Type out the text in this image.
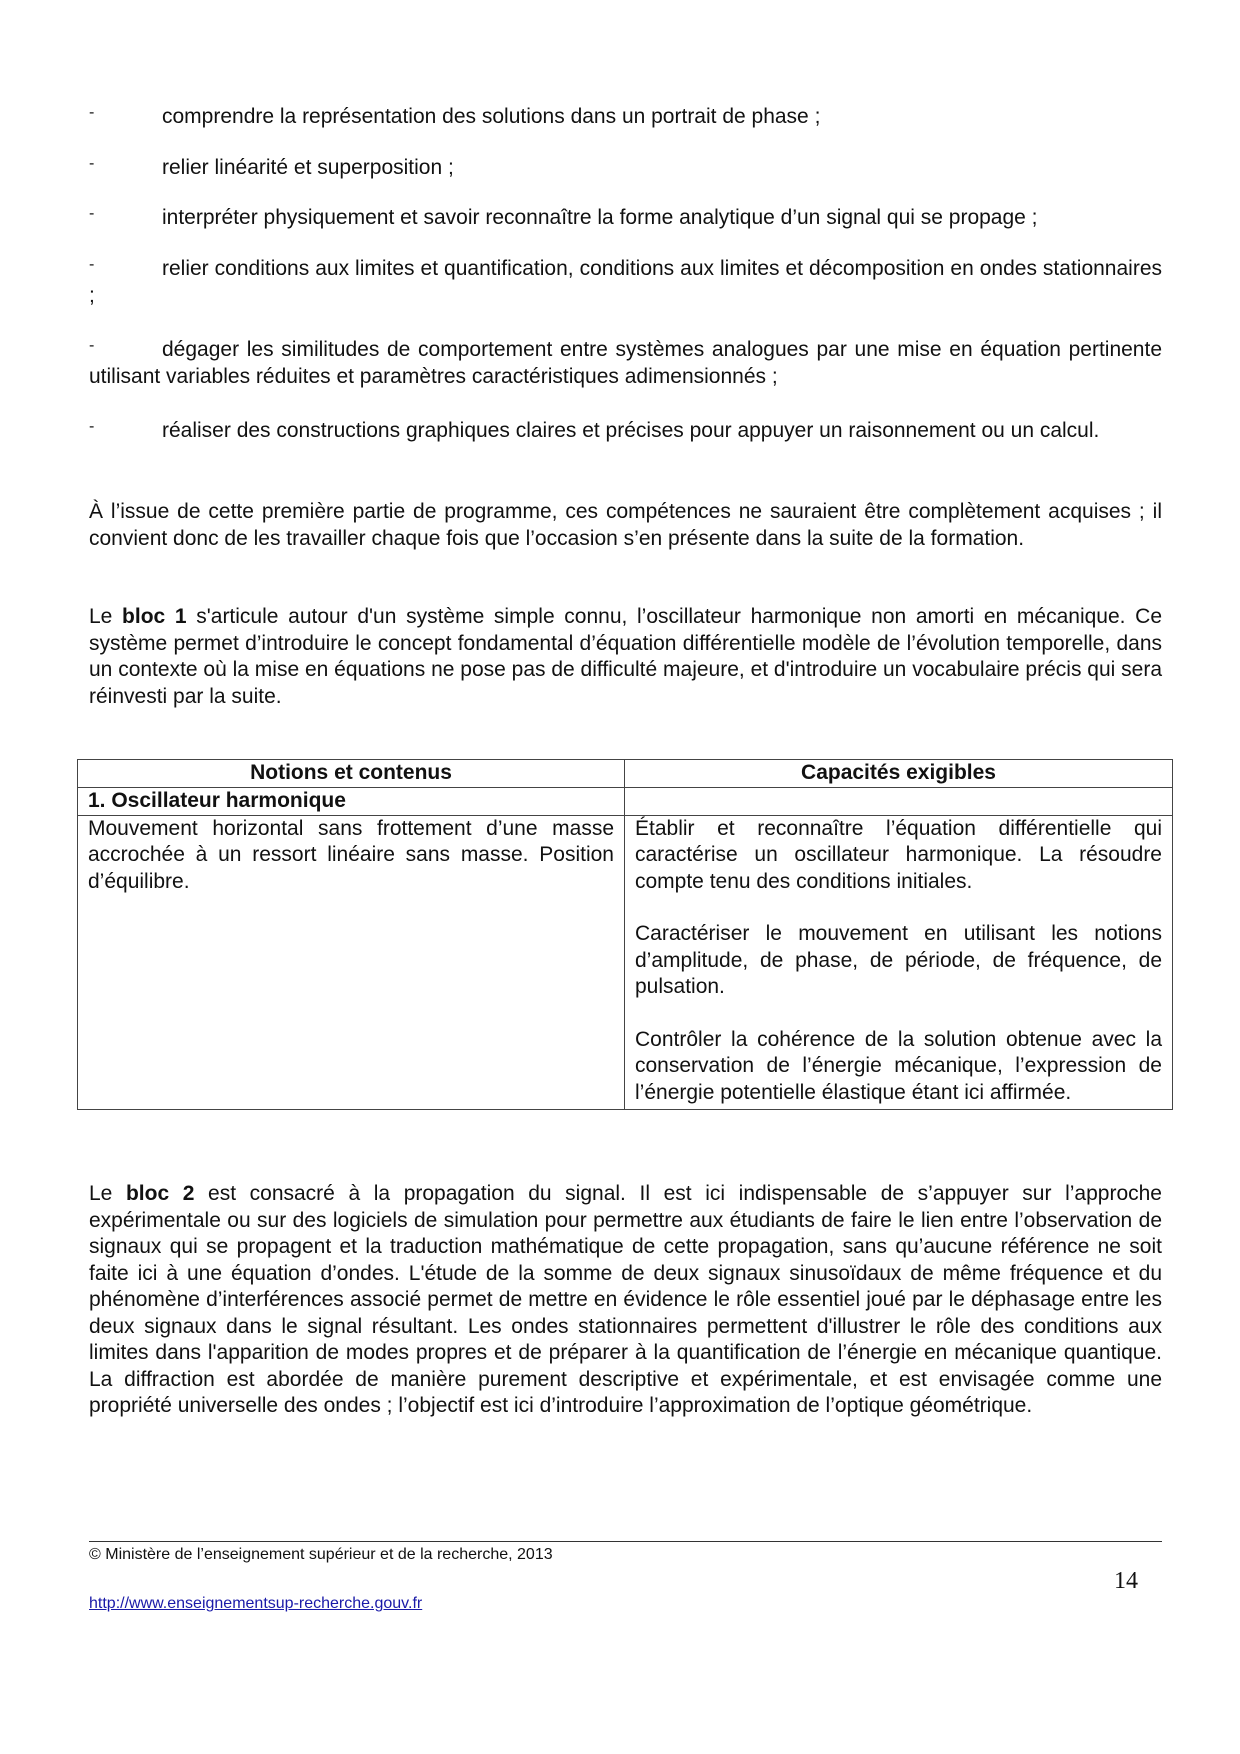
-	comprendre la représentation des solutions dans un portrait de phase ;
-	relier linéarité et superposition ;
-	interpréter physiquement et savoir reconnaître la forme analytique d’un signal qui se propage ;
-	relier conditions aux limites et quantification, conditions aux limites et décomposition en ondes stationnaires ;
-	dégager les similitudes de comportement entre systèmes analogues par une mise en équation pertinente utilisant variables réduites et paramètres caractéristiques adimensionnés ;
-	réaliser des constructions graphiques claires et précises pour appuyer un raisonnement ou un calcul.

À l’issue de cette première partie de programme, ces compétences ne sauraient être complètement acquises ; il convient donc de les travailler chaque fois que l’occasion s’en présente dans la suite de la formation.

Le bloc 1 s'articule autour d'un système simple connu, l’oscillateur harmonique non amorti en mécanique. Ce système permet d’introduire le concept fondamental d’équation différentielle modèle de l’évolution temporelle, dans un contexte où la mise en équations ne pose pas de difficulté majeure, et d'introduire un vocabulaire précis qui sera réinvesti par la suite.

Le bloc 2 est consacré à la propagation du signal. Il est ici indispensable de s’appuyer sur l’approche expérimentale ou sur des logiciels de simulation pour permettre aux étudiants de faire le lien entre l’observation de signaux qui se propagent et la traduction mathématique de cette propagation, sans qu’aucune référence ne soit faite ici à une équation d’ondes. L'étude de la somme de deux signaux sinusoïdaux de même fréquence et du phénomène d’interférences associé permet de mettre en évidence le rôle essentiel joué par le déphasage entre les deux signaux dans le signal résultant. Les ondes stationnaires permettent d'illustrer le rôle des conditions aux limites dans l'apparition de modes propres et de préparer à la quantification de l’énergie en mécanique quantique. La diffraction est abordée de manière purement descriptive et expérimentale, et est envisagée comme une propriété universelle des ondes ; l’objectif est ici d’introduire l’approximation de l’optique géométrique.

Notions et contenus	Capacités exigibles
1. Oscillateur harmonique	
Mouvement horizontal sans frottement d’une masse accrochée à un ressort linéaire sans masse. Position d’équilibre.	Établir et reconnaître l’équation différentielle qui caractérise un oscillateur harmonique. La résoudre compte tenu des conditions initiales.

Caractériser le mouvement en utilisant les notions d’amplitude, de phase, de période, de fréquence, de pulsation.

Contrôler la cohérence de la solution obtenue avec la conservation de l’énergie mécanique, l’expression de l’énergie potentielle élastique étant ici affirmée.

© Ministère de l’enseignement supérieur et de la recherche, 2013
14
http://www.enseignementsup-recherche.gouv.fr
